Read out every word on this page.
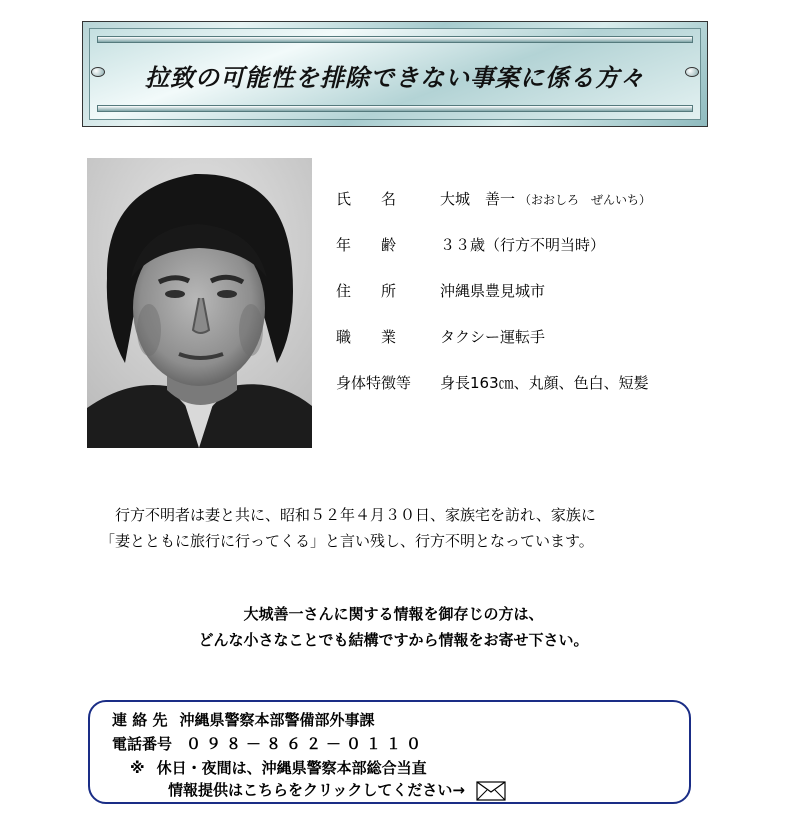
拉致の可能性を排除できない事案に係る方々
氏　　名	大城　善一 （おおしろ　ぜんいち）
年　　齢	３３歳（行方不明当時）
住　　所	沖縄県豊見城市
職　　業	タクシー運転手
身体特徴等 身長163㎝、丸顔、色白、短髪

　行方不明者は妻と共に、昭和５２年４月３０日、家族宅を訪れ、家族に

「妻とともに旅行に行ってくる」と言い残し、行方不明となっています。

大城善一さんに関する情報を御存じの方は、
どんな小さなことでも結構ですから情報をお寄せ下さい。
連 絡 先 沖縄県警察本部警備部外事課
電話番号 ０９８－８６２－０１１０
※ 休日・夜間は、沖縄県警察本部総合当直
情報提供はこちらをクリックしてください→
